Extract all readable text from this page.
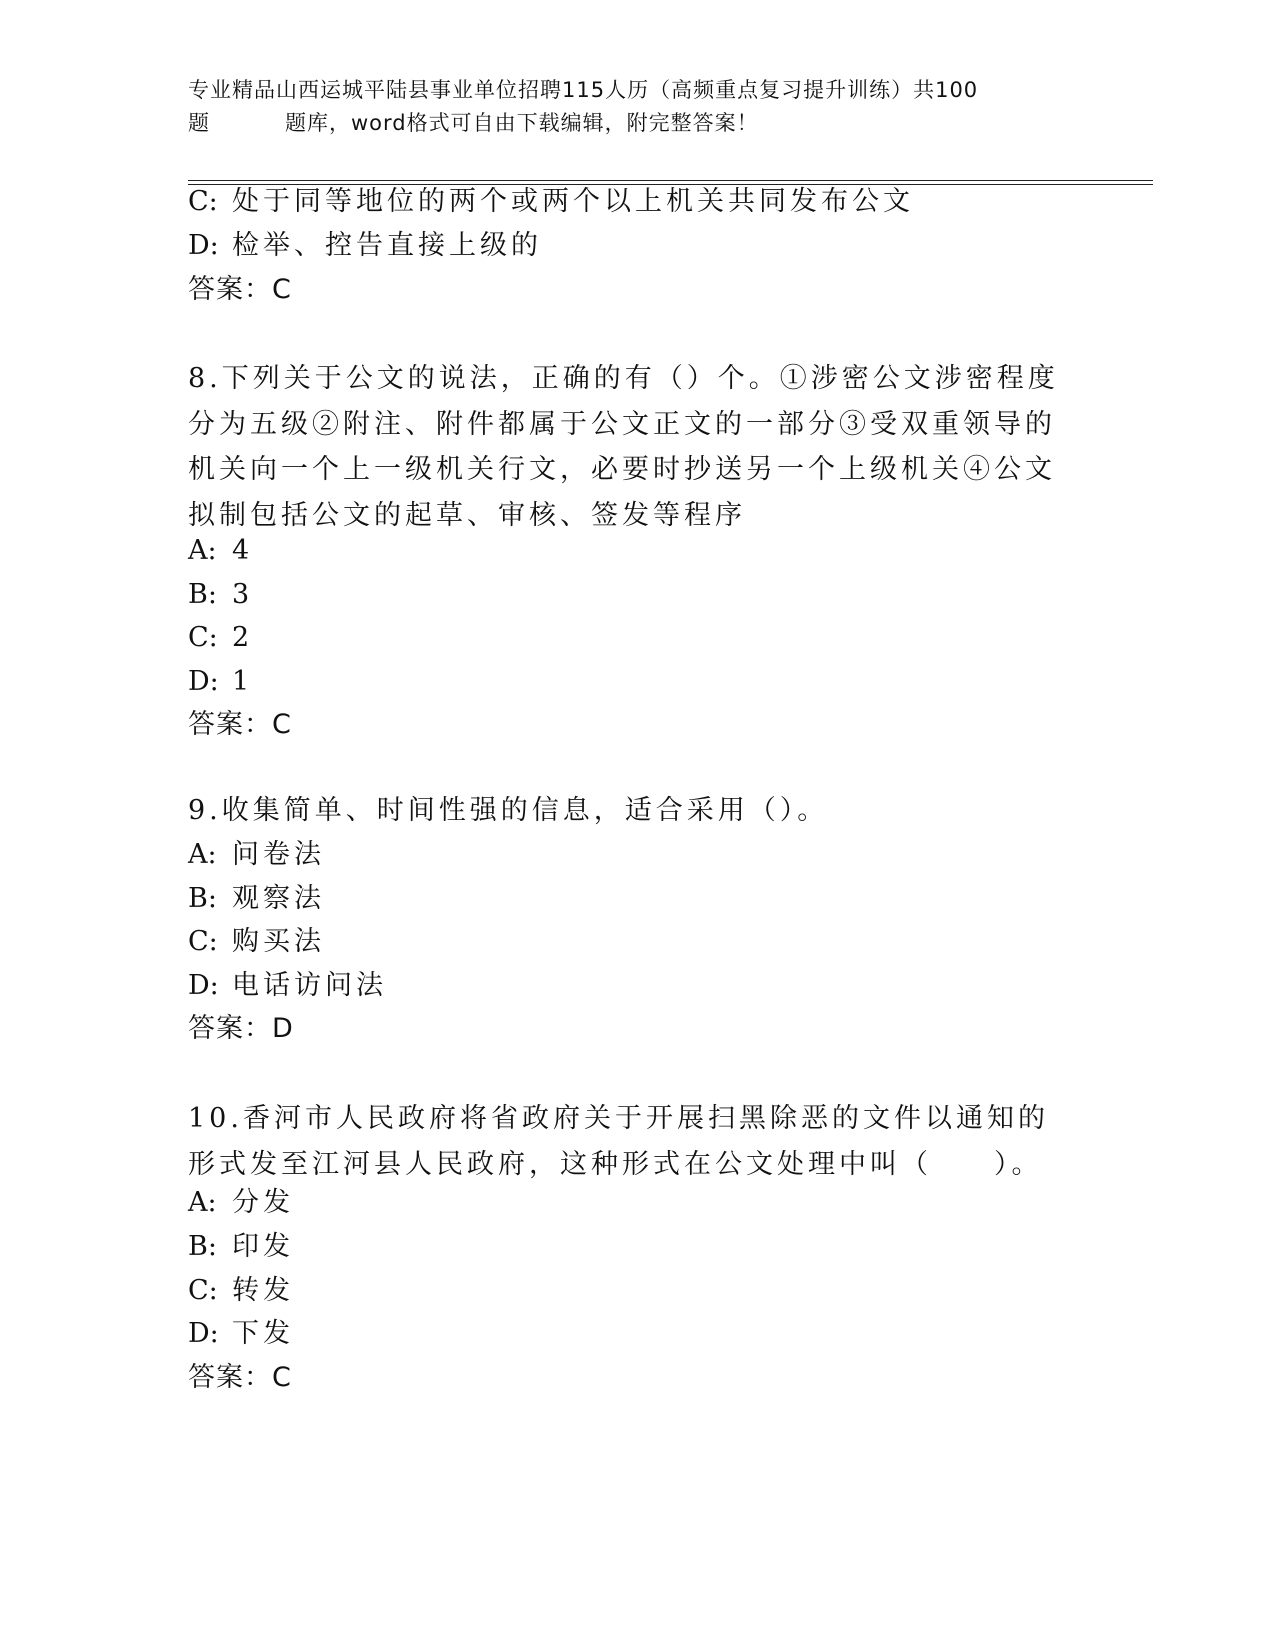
专业精品山西运城平陆县事业单位招聘115人历（高频重点复习提升训练）共100
题	题库，word格式可自由下载编辑，附完整答案！
C: 处于同等地位的两个或两个以上机关共同发布公文
D: 检举、控告直接上级的
答案：C
8.下列关于公文的说法，正确的有（）个。①涉密公文涉密程度分为五级②附注、附件都属于公文正文的一部分③受双重领导的机关向一个上一级机关行文，必要时抄送另一个上级机关④公文拟制包括公文的起草、审核、签发等程序
A: 4
B: 3
C: 2
D: 1
答案：C
9.收集简单、时间性强的信息，适合采用（）。
A: 问卷法
B: 观察法
C: 购买法
D: 电话访问法
答案：D
10.香河市人民政府将省政府关于开展扫黑除恶的文件以通知的形式发至江河县人民政府，这种形式在公文处理中叫（　　）。
A: 分发
B: 印发
C: 转发
D: 下发
答案：C
